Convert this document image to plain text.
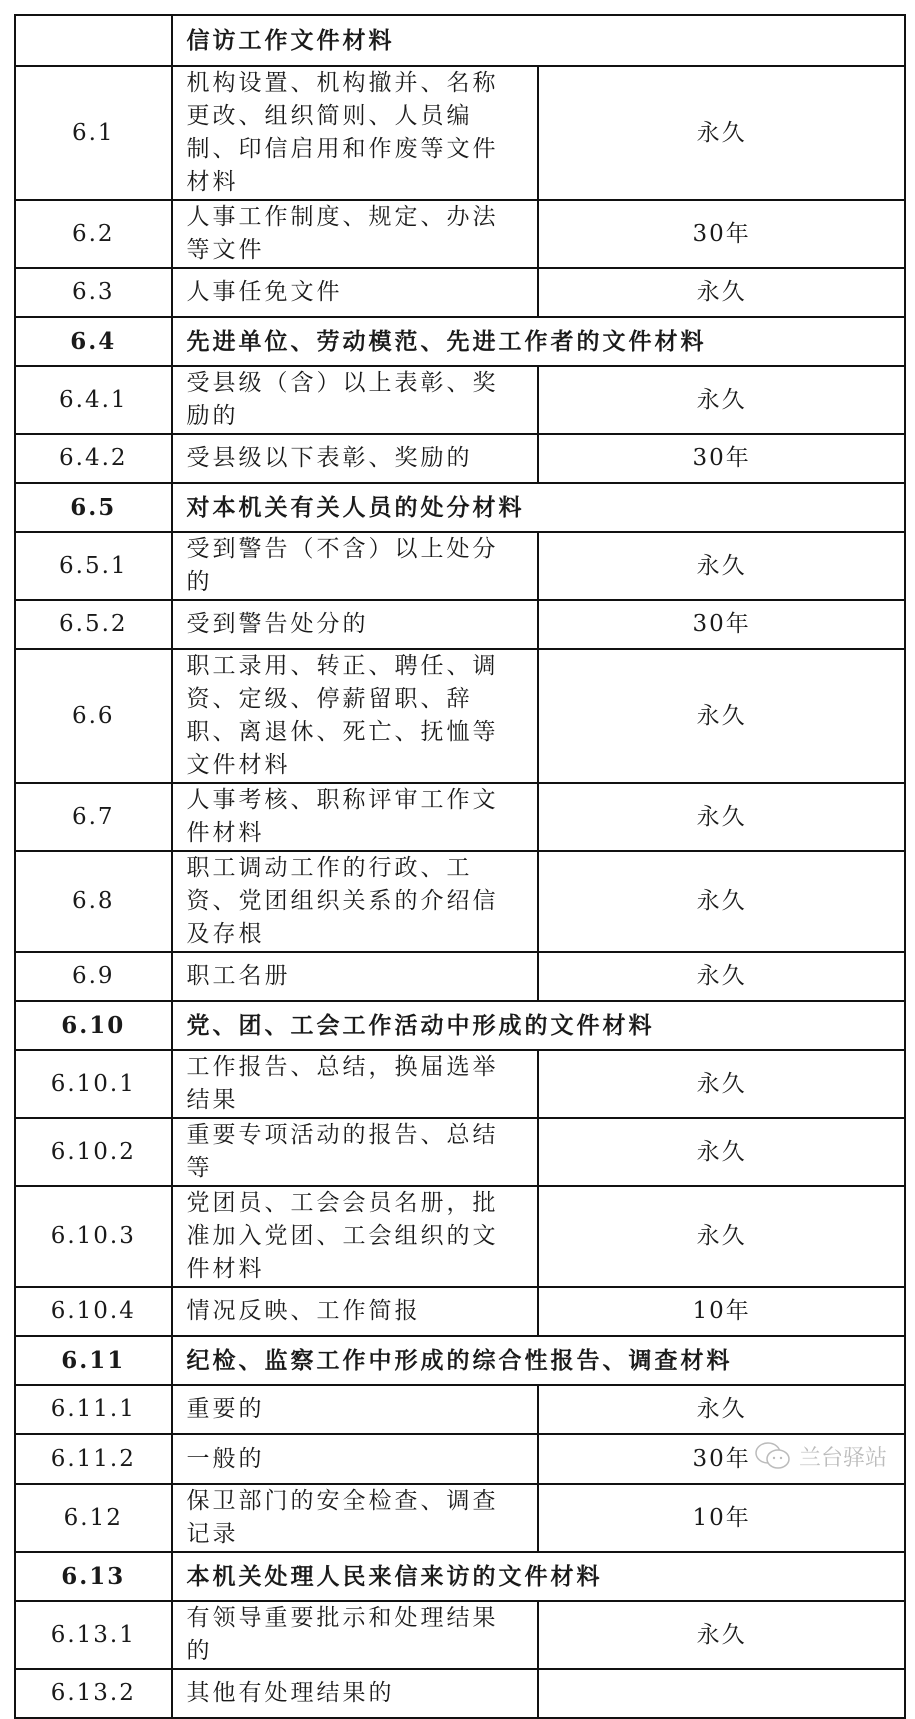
	信访工作文件材料	
6.1	机构设置、机构撤并、名称更改、组织简则、人员编制、印信启用和作废等文件材料	永久
6.2	人事工作制度、规定、办法等文件	30年
6.3	人事任免文件	永久
6.4	先进单位、劳动模范、先进工作者的文件材料	
6.4.1	受县级（含）以上表彰、奖励的	永久
6.4.2	受县级以下表彰、奖励的	30年
6.5	对本机关有关人员的处分材料	
6.5.1	受到警告（不含）以上处分的	永久
6.5.2	受到警告处分的	30年
6.6	职工录用、转正、聘任、调资、定级、停薪留职、辞职、离退休、死亡、抚恤等文件材料	永久
6.7	人事考核、职称评审工作文件材料	永久
6.8	职工调动工作的行政、工资、党团组织关系的介绍信及存根	永久
6.9	职工名册	永久
6.10	党、团、工会工作活动中形成的文件材料	
6.10.1	工作报告、总结，换届选举结果	永久
6.10.2	重要专项活动的报告、总结等	永久
6.10.3	党团员、工会会员名册，批准加入党团、工会组织的文件材料	永久
6.10.4	情况反映、工作简报	10年
6.11	纪检、监察工作中形成的综合性报告、调查材料	
6.11.1	重要的	永久
6.11.2	一般的	30年
6.12	保卫部门的安全检查、调查记录	10年
6.13	本机关处理人民来信来访的文件材料	
6.13.1	有领导重要批示和处理结果的	永久
6.13.2	其他有处理结果的	
兰台驿站
